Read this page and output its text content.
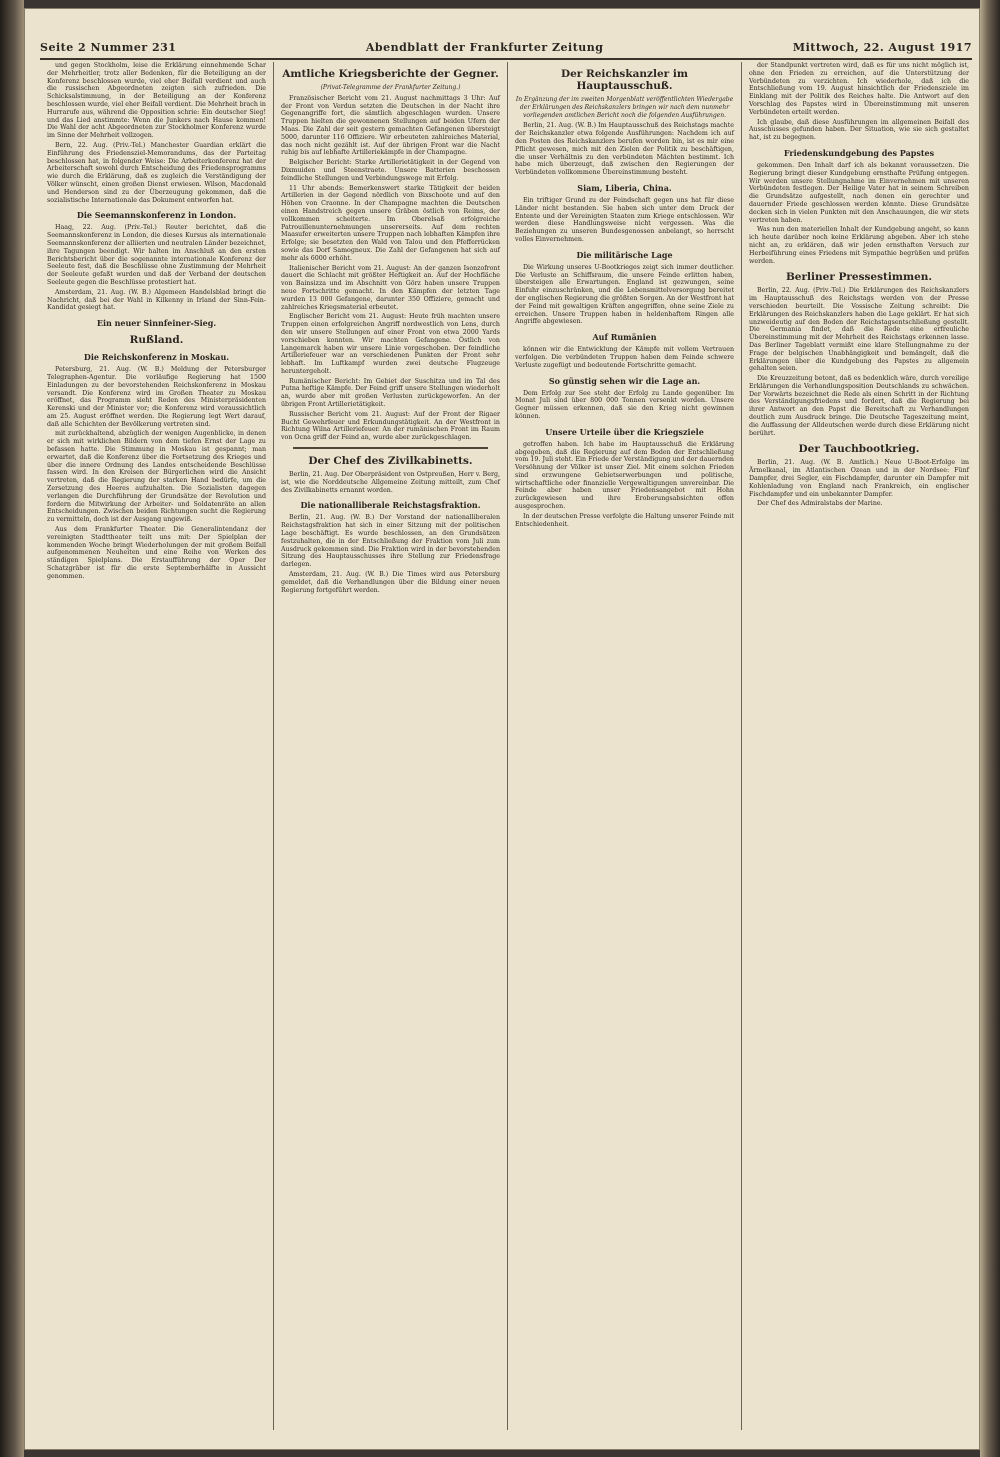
Seite 2 Nummer 231	Abendblatt der Frankfurter Zeitung	Mittwoch, 22. August 1917
und gegen Stockholm, leise die Erklärung einnehmende Schar der Mehrheitler, trotz aller Bedenken, für die Beteiligung an der Konferenz beschlossen wurde, viel eher Beifall verdient und auch die russischen Abgeordneten zeigten sich zufrieden. Die Schicksalstimmung, in der Beteiligung an der Konferenz beschlossen wurde, viel eher Beifall verdient. Die Mehrheit brach in Hurrarufe aus, während die Opposition schrie: Ein deutscher Sieg! und das Lied anstimmte: Wenn die Junkers nach Hause kommen! Die Wahl der acht Abgeordneten zur Stockholmer Konferenz wurde im Sinne der Mehrheit vollzogen.
Bern, 22. Aug. (Priv.-Tel.) Manchester Guardian erklärt die Einführung des Friedensziel-Memorandums, das der Parteitag beschlossen hat, in folgender Weise: Die Arbeiterkonferenz hat der Arbeiterschaft sowohl durch Entscheidung des Friedensprogramms wie durch die Erklärung, daß es zugleich die Verständigung der Völker wünscht, einen großen Dienst erwiesen. Wilson, Macdonald und Henderson sind zu der Überzeugung gekommen, daß die sozialistische Internationale das Dokument entworfen hat.
Die Seemannskonferenz in London.
Haag, 22. Aug. (Priv.-Tel.) Reuter berichtet, daß die Seemannskonferenz in London, die dieses Kursus als internationale Seemannskonferenz der alliierten und neutralen Länder bezeichnet, ihre Tagungen beendigt. Wir halten im Anschluß an den ersten Berichtsbericht über die sogenannte internationale Konferenz der Seeleute fest, daß die Beschlüsse ohne Zustimmung der Mehrheit der Seeleute gefaßt wurden und daß der Verband der deutschen Seeleute gegen die Beschlüsse protestiert hat.
Amsterdam, 21. Aug. (W. B.) Algemeen Handelsblad bringt die Nachricht, daß bei der Wahl in Kilkenny in Irland der Sinn-Fein-Kandidat gesiegt hat.
Ein neuer Sinnfeiner-Sieg.
Rußland.
Die Reichskonferenz in Moskau.
Petersburg, 21. Aug. (W. B.) Meldung der Petersburger Telegraphen-Agentur. Die vorläufige Regierung hat 1500 Einladungen zu der bevorstehenden Reichskonferenz in Moskau versandt. Die Konferenz wird im Großen Theater zu Moskau eröffnet, das Programm sieht Reden des Ministerpräsidenten Kerenski und der Minister vor; die Konferenz wird voraussichtlich am 25. August eröffnet werden. Die Regierung legt Wert darauf, daß alle Schichten der Bevölkerung vertreten sind.
mit zurückhaltend, abzüglich der wenigen Augenblicke, in denen er sich mit wirklichen Bildern von dem tiefen Ernst der Lage zu befassen hatte. Die Stimmung in Moskau ist gespannt; man erwartet, daß die Konferenz über die Fortsetzung des Krieges und über die innere Ordnung des Landes entscheidende Beschlüsse fassen wird. In den Kreisen der Bürgerlichen wird die Ansicht vertreten, daß die Regierung der starken Hand bedürfe, um die Zersetzung des Heeres aufzuhalten. Die Sozialisten dagegen verlangen die Durchführung der Grundsätze der Revolution und fordern die Mitwirkung der Arbeiter- und Soldatenräte an allen Entscheidungen. Zwischen beiden Richtungen sucht die Regierung zu vermitteln, doch ist der Ausgang ungewiß.
Aus dem Frankfurter Theater. Die Generalintendanz der vereinigten Stadttheater teilt uns mit: Der Spielplan der kommenden Woche bringt Wiederholungen der mit großem Beifall aufgenommenen Neuheiten und eine Reihe von Werken des ständigen Spielplans. Die Erstaufführung der Oper Der Schatzgräber ist für die erste Septemberhälfte in Aussicht genommen.
Amtliche Kriegsberichte der Gegner.
(Privat-Telegramme der Frankfurter Zeitung.)
Französischer Bericht vom 21. August nachmittags 3 Uhr: Auf der Front von Verdun setzten die Deutschen in der Nacht ihre Gegenangriffe fort, die sämtlich abgeschlagen wurden. Unsere Truppen hielten die gewonnenen Stellungen auf beiden Ufern der Maas. Die Zahl der seit gestern gemachten Gefangenen übersteigt 5000, darunter 116 Offiziere. Wir erbeuteten zahlreiches Material, das noch nicht gezählt ist. Auf der übrigen Front war die Nacht ruhig bis auf lebhafte Artilleriekämpfe in der Champagne.
Belgischer Bericht: Starke Artillerietätigkeit in der Gegend von Dixmuiden und Steenstraete. Unsere Batterien beschossen feindliche Stellungen und Verbindungswege mit Erfolg.
11 Uhr abends: Bemerkenswert starke Tätigkeit der beiden Artillerien in der Gegend nördlich von Bixschoote und auf den Höhen von Craonne. In der Champagne machten die Deutschen einen Handstreich gegen unsere Gräben östlich von Reims, der vollkommen scheiterte. Im Oberelsaß erfolgreiche Patrouillenunternehmungen unsererseits. Auf dem rechten Maasufer erweiterten unsere Truppen nach lebhaften Kämpfen ihre Erfolge; sie besetzten den Wald von Talou und den Pfefferrücken sowie das Dorf Samogneux. Die Zahl der Gefangenen hat sich auf mehr als 6000 erhöht.
Italienischer Bericht vom 21. August: An der ganzen Isonzofront dauert die Schlacht mit größter Heftigkeit an. Auf der Hochfläche von Bainsizza und im Abschnitt von Görz haben unsere Truppen neue Fortschritte gemacht. In den Kämpfen der letzten Tage wurden 13 000 Gefangene, darunter 350 Offiziere, gemacht und zahlreiches Kriegsmaterial erbeutet.
Englischer Bericht vom 21. August: Heute früh machten unsere Truppen einen erfolgreichen Angriff nordwestlich von Lens, durch den wir unsere Stellungen auf einer Front von etwa 2000 Yards vorschieben konnten. Wir machten Gefangene. Östlich von Langemarck haben wir unsere Linie vorgeschoben. Der feindliche Artilleriefeuer war an verschiedenen Punkten der Front sehr lebhaft. Im Luftkampf wurden zwei deutsche Flugzeuge heruntergeholt.
Rumänischer Bericht: Im Gebiet der Suschitza und im Tal des Putna heftige Kämpfe. Der Feind griff unsere Stellungen wiederholt an, wurde aber mit großen Verlusten zurückgeworfen. An der übrigen Front Artillerietätigkeit.
Russischer Bericht vom 21. August: Auf der Front der Rigaer Bucht Gewehrfeuer und Erkundungstätigkeit. An der Westfront in Richtung Wilna Artilleriefeuer. An der rumänischen Front im Raum von Ocna griff der Feind an, wurde aber zurückgeschlagen.
Der Chef des Zivilkabinetts.
Berlin, 21. Aug. Der Oberpräsident von Ostpreußen, Herr v. Berg, ist, wie die Norddeutsche Allgemeine Zeitung mitteilt, zum Chef des Zivilkabinetts ernannt worden.
Die nationalliberale Reichstagsfraktion.
Berlin, 21. Aug. (W. B.) Der Vorstand der nationalliberalen Reichstagsfraktion hat sich in einer Sitzung mit der politischen Lage beschäftigt. Es wurde beschlossen, an den Grundsätzen festzuhalten, die in der Entschließung der Fraktion vom Juli zum Ausdruck gekommen sind. Die Fraktion wird in der bevorstehenden Sitzung des Hauptausschusses ihre Stellung zur Friedensfrage darlegen.
Amsterdam, 21. Aug. (W. B.) Die Times wird aus Petersburg gemeldet, daß die Verhandlungen über die Bildung einer neuen Regierung fortgeführt werden.
Der Reichskanzler im Hauptausschuß.
In Ergänzung der im zweiten Morgenblatt veröffentlichten Wiedergabe der Erklärungen des Reichskanzlers bringen wir nach dem nunmehr vorliegenden amtlichen Bericht noch die folgenden Ausführungen.
Berlin, 21. Aug. (W. B.) Im Hauptausschuß des Reichstags machte der Reichskanzler etwa folgende Ausführungen: Nachdem ich auf den Posten des Reichskanzlers berufen worden bin, ist es mir eine Pflicht gewesen, mich mit den Zielen der Politik zu beschäftigen, die unser Verhältnis zu den verbündeten Mächten bestimmt. Ich habe mich überzeugt, daß zwischen den Regierungen der Verbündeten vollkommene Übereinstimmung besteht.
Siam, Liberia, China.
Ein triftiger Grund zu der Feindschaft gegen uns hat für diese Länder nicht bestanden. Sie haben sich unter dem Druck der Entente und der Vereinigten Staaten zum Kriege entschlossen. Wir werden diese Handlungsweise nicht vergessen. Was die Beziehungen zu unseren Bundesgenossen anbelangt, so herrscht volles Einvernehmen.
Die militärische Lage
Die Wirkung unseres U-Bootkrieges zeigt sich immer deutlicher. Die Verluste an Schiffsraum, die unsere Feinde erlitten haben, übersteigen alle Erwartungen. England ist gezwungen, seine Einfuhr einzuschränken, und die Lebensmittelversorgung bereitet der englischen Regierung die größten Sorgen. An der Westfront hat der Feind mit gewaltigen Kräften angegriffen, ohne seine Ziele zu erreichen. Unsere Truppen haben in heldenhaftem Ringen alle Angriffe abgewiesen.
Auf Rumänien
können wir die Entwicklung der Kämpfe mit vollem Vertrauen verfolgen. Die verbündeten Truppen haben dem Feinde schwere Verluste zugefügt und bedeutende Fortschritte gemacht.
So günstig sehen wir die Lage an.
Dem Erfolg zur See steht der Erfolg zu Lande gegenüber. Im Monat Juli sind über 800 000 Tonnen versenkt worden. Unsere Gegner müssen erkennen, daß sie den Krieg nicht gewinnen können.
Unsere Urteile über die Kriegsziele
getroffen haben. Ich habe im Hauptausschuß die Erklärung abgegeben, daß die Regierung auf dem Boden der Entschließung vom 19. Juli steht. Ein Friede der Verständigung und der dauernden Versöhnung der Völker ist unser Ziel. Mit einem solchen Frieden sind erzwungene Gebietserwerbungen und politische, wirtschaftliche oder finanzielle Vergewaltigungen unvereinbar. Die Feinde aber haben unser Friedensangebot mit Hohn zurückgewiesen und ihre Eroberungsabsichten offen ausgesprochen.
In der deutschen Presse verfolgte die Haltung unserer Feinde mit Entschiedenheit.
der Standpunkt vertreten wird, daß es für uns nicht möglich ist, ohne den Frieden zu erreichen, auf die Unterstützung der Verbündeten zu verzichten. Ich wiederhole, daß ich die Entschließung vom 19. August hinsichtlich der Friedensziele im Einklang mit der Politik des Reiches halte. Die Antwort auf den Vorschlag des Papstes wird in Übereinstimmung mit unseren Verbündeten erteilt werden.
Ich glaube, daß diese Ausführungen im allgemeinen Beifall des Ausschusses gefunden haben. Der Situation, wie sie sich gestaltet hat, ist zu begegnen.
Friedenskundgebung des Papstes
gekommen. Den Inhalt darf ich als bekannt voraussetzen. Die Regierung bringt dieser Kundgebung ernsthafte Prüfung entgegen. Wir werden unsere Stellungnahme im Einvernehmen mit unseren Verbündeten festlegen. Der Heilige Vater hat in seinem Schreiben die Grundsätze aufgestellt, nach denen ein gerechter und dauernder Friede geschlossen werden könnte. Diese Grundsätze decken sich in vielen Punkten mit den Anschauungen, die wir stets vertreten haben.
Was nun den materiellen Inhalt der Kundgebung angeht, so kann ich heute darüber noch keine Erklärung abgeben. Aber ich stehe nicht an, zu erklären, daß wir jeden ernsthaften Versuch zur Herbeiführung eines Friedens mit Sympathie begrüßen und prüfen werden.
Berliner Pressestimmen.
Berlin, 22. Aug. (Priv.-Tel.) Die Erklärungen des Reichskanzlers im Hauptausschuß des Reichstags werden von der Presse verschieden beurteilt. Die Vossische Zeitung schreibt: Die Erklärungen des Reichskanzlers haben die Lage geklärt. Er hat sich unzweideutig auf den Boden der Reichstagsentschließung gestellt. Die Germania findet, daß die Rede eine erfreuliche Übereinstimmung mit der Mehrheit des Reichstags erkennen lasse. Das Berliner Tageblatt vermißt eine klare Stellungnahme zu der Frage der belgischen Unabhängigkeit und bemängelt, daß die Erklärungen über die Kundgebung des Papstes zu allgemein gehalten seien.
Die Kreuzzeitung betont, daß es bedenklich wäre, durch voreilige Erklärungen die Verhandlungsposition Deutschlands zu schwächen. Der Vorwärts bezeichnet die Rede als einen Schritt in der Richtung des Verständigungsfriedens und fordert, daß die Regierung bei ihrer Antwort an den Papst die Bereitschaft zu Verhandlungen deutlich zum Ausdruck bringe. Die Deutsche Tageszeitung meint, die Auffassung der Alldeutschen werde durch diese Erklärung nicht berührt.
Der Tauchbootkrieg.
Berlin, 21. Aug. (W. B. Amtlich.) Neue U-Boot-Erfolge im Ärmelkanal, im Atlantischen Ozean und in der Nordsee: Fünf Dampfer, drei Segler, ein Fischdampfer, darunter ein Dampfer mit Kohlenladung von England nach Frankreich, ein englischer Fischdampfer und ein unbekannter Dampfer.
Der Chef des Admiralstabs der Marine.
